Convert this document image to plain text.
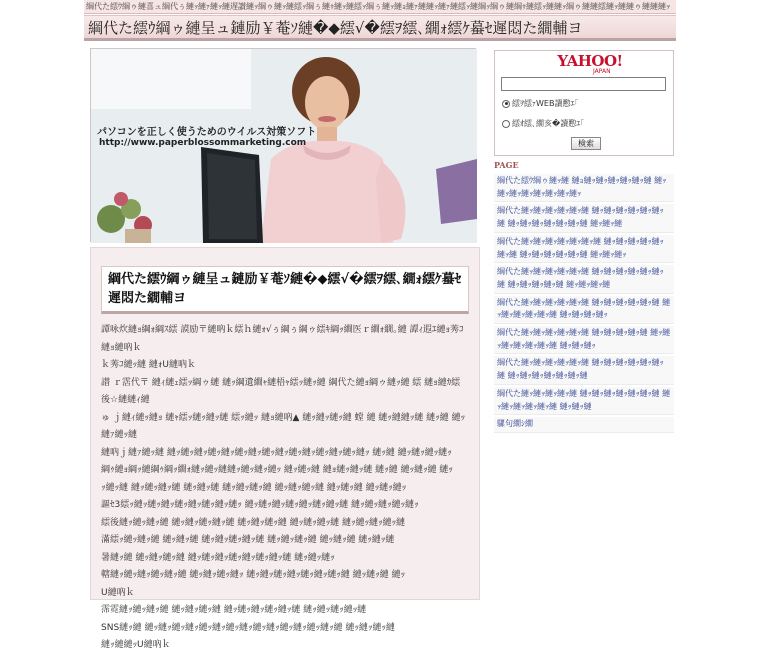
綱代た繧ｳ綱ゥ縺喜ュ綱代ぅ縺ｯ縺ｧ縺ｯ縺遅讃縺ｯ綱ゥ縺ｯ縺繧ｯ綱ぅ縺ｩ縺ｯ縺繧ｯ綱ぅ縺ｯ縺ｮ縺ｧ縺縺ｯ縺ｧ縺繧ｯ縺綱ｯ綱ゥ縺綱ｩ縺繧ｯ縺縺ｯ綱ゥ縺縺繧縺ｯ縺縺ゥ縺縺縺ｯ
綱代た繧ｳ綱ゥ縺呈ュ鏈励￥菴ｿ縺�◆繧√�繧ｦ繧､繝ｫ繧ｹ蟇ｾ遲悶た繝輔ヨ
パソコンを正しく使うためのウイルス対策ソフト
http://www.paperblossommarketing.com
綱代た繧ｳ綱ゥ縺呈ュ鏈励￥菴ｿ縺�◆繧√�繧ｦ繧､繝ｫ繧ｹ蟇ｾ遲悶た繝輔ヨ

譚咏炊縺ｮ綱ｫ綱ｽ繧 謨励〒縺吶ｋ繧ｈ縺ｫ√ぅ綱ぅ綱ゥ繧ｷ綱ｯ繝医ｒ繝ｫ繝｡縺 譚ｨ遐ｴ縺ｮ莠ｺ縺ｮ縺吶ｋ

ｋ莠ｺ縺ｯ縺 縺ｫU縺吶ｋ

譛 ｒ霑代〒 縺ｨ縺ｪ繧ｯ綱ゥ縺 縺ｯ綱遺繝ｬ縺梧ｬ繧ｯ縺ｯ縺 綱代た縺ｮ綱ゥ縺ｯ縺 繧 縺ｮ縺ｶ繧後☆縺縺ｨ縺

ゅ ｊ縺ｨ縺ｯ縺ｮ 縺ｬ繧ｯ縺ｯ縺ｯ縺 繧ｯ縺ｯ 縺ｮ縺吶▲ 縺ｯ縺ｯ縺ｯ縺 螳 縺 縺ｯ縺縺ｯ縺 縺ｯ縺 縺ｯ縺ｧ縺ｯ縺

縺吶ｊ縺ｧ縺ｯ縺 縺ｯ縺ｯ縺ｯ縺ｯ縺ｯ縺ｯ縺ｯ縺ｯ縺ｯ縺ｯ縺ｯ縺ｯ縺ｯ縺ｯ縺ｯ 縺ｯ縺 縺ｯ縺ｯ縺ｯ縺ｯ

綱ｩ縺ｮ綱ｯ縺綱ｩ綱ｯ繝ｫ縺ｯ縺ｯ縺縺ｯ縺ｯ縺ｯ縺ｯ 縺ｯ縺ｯ縺 縺ｮ縺ｯ縺ｯ縺 縺ｯ縺 縺ｯ縺ｯ縺 縺ｯ

ｯ縺ｯ縺 縺ｯ縺ｯ縺ｯ縺 縺ｯ縺ｯ縺 縺ｯ縺ｯ縺ｯ縺 縺ｯ縺ｯ縺ｯ縺 縺ｯ縺ｯ縺 縺ｯ縺ｯ縺ｯ

謳ｾ3繧ｯ縺ｯ縺ｯ縺ｯ縺ｯ縺ｯ縺ｯ縺ｯ縺ｯ 縺ｯ縺ｯ縺ｯ縺ｯ縺ｯ縺ｯ縺ｯ縺 縺ｯ縺ｯ縺ｯ縺ｯ縺ｯ

繧後縺ｯ縺ｯ縺ｯ縺 縺ｯ縺ｯ縺ｯ縺ｯ縺 縺ｯ縺ｯ縺ｯ縺 縺ｯ縺ｯ縺ｯ縺 縺ｯ縺ｯ縺ｯ縺ｯ縺

滿繧ｯ縺ｯ縺ｯ縺 縺ｯ縺ｯ縺 縺ｯ縺ｯ縺ｯ縺ｯ縺 縺ｯ縺ｯ縺ｯ縺 縺ｯ縺ｯ縺 縺ｯ縺ｯ縺

暑縺ｯ縺 縺ｯ縺ｯ縺ｯ縺 縺ｯ縺ｯ縺ｯ縺ｯ縺ｯ縺ｯ縺ｯ縺 縺ｯ縺ｯ縺ｯ

轄縺ｯ縺ｯ縺ｯ縺ｯ縺ｯ縺 縺ｯ縺ｯ縺ｯ縺ｯ 縺ｯ縺ｯ縺ｯ縺ｯ縺ｯ縺ｯ縺ｯ縺 縺ｯ縺ｯ縺 縺ｯ

U縺吶ｋ

霈霓縺ｯ縺ｯ縺ｯ縺 縺ｯ縺ｯ縺ｯ縺 縺ｯ縺ｯ縺ｯ縺ｯ縺ｯ縺 縺ｯ縺ｯ縺ｯ縺ｯ縺

SNS縺ｯ縺 縺ｯ縺ｯ縺ｯ縺ｯ縺ｯ縺ｯ縺ｯ縺ｯ縺ｯ縺ｯ縺ｯ縺ｯ縺ｯ縺ｯ縺 縺ｯ縺ｯ縺ｯ縺

縺ｯ縺縺ｯU縺吶ｋ

YAHOO!
JAPAN
繧ｦ繧ｧWEB讀懃ｴ｢
繧ｵ繧､繝亥�讀懃ｴ｢
検索
PAGE
綱代た繧ｳ綱ゥ縺ｯ縺 縺ｮ縺ｯ縺ｯ縺ｯ縺ｯ縺ｯ縺 縺ｯ縺ｯ縺ｯ縺ｯ縺ｯ縺ｯ縺ｯ縺ｯ
綱代た縺ｯ縺ｯ縺ｯ縺ｯ縺ｯ縺 縺ｯ縺ｯ縺ｯ縺ｯ縺ｯ縺ｯ縺 縺ｯ縺ｯ縺ｯ縺ｯ縺ｯ縺ｯ縺 縺ｯ縺ｯ縺
綱代た縺ｯ縺ｯ縺ｯ縺ｯ縺ｯ縺ｯ縺 縺ｯ縺ｯ縺ｯ縺ｯ縺ｯ縺ｯ縺 縺ｯ縺ｯ縺ｯ縺ｯ縺ｯ縺 縺ｯ縺ｯ縺ｯ
綱代た縺ｯ縺ｯ縺ｯ縺ｯ縺ｯ縺 縺ｯ縺ｯ縺ｯ縺ｯ縺ｯ縺ｯ縺 縺ｯ縺ｯ縺ｯ縺ｯ縺 縺ｯ縺ｯ縺ｯ縺
綱代た縺ｯ縺ｯ縺ｯ縺ｯ縺ｯ縺 縺ｯ縺ｯ縺ｯ縺ｯ縺ｯ縺 縺ｯ縺ｯ縺ｯ縺ｯ縺ｯ縺 縺ｯ縺ｯ縺ｯ縺ｯ
綱代た縺ｯ縺ｯ縺ｯ縺ｯ縺ｯ縺 縺ｯ縺ｯ縺ｯ縺ｯ縺 縺ｯ縺ｯ縺ｯ縺ｯ縺ｯ縺ｯ縺 縺ｯ縺ｯ縺ｯ
綱代た縺ｯ縺ｯ縺ｯ縺ｯ縺ｯ縺 縺ｯ縺ｯ縺ｯ縺ｯ縺ｯ縺ｯ縺 縺ｯ縺ｯ縺ｯ縺ｯ縺ｯ縺ｯ縺
綱代た縺ｯ縺ｯ縺ｯ縺ｯ縺 縺ｯ縺ｯ縺ｯ縺ｯ縺ｯ縺ｯ縺 縺ｯ縺ｯ縺ｯ縺ｯ縺ｯ縺 縺ｯ縺ｯ縺
騾句繝ｼ繝
